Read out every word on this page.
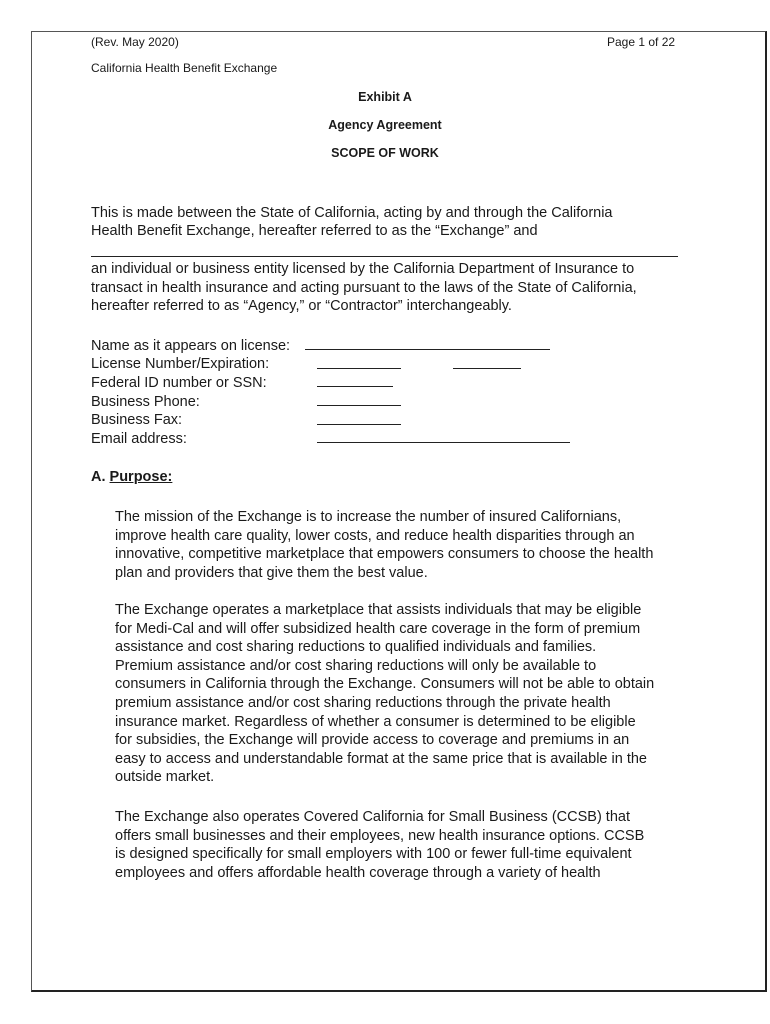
(Rev. May 2020)	Page 1 of 22
California Health Benefit Exchange
Exhibit A
Agency Agreement
SCOPE OF WORK
This is made between the State of California, acting by and through the California
Health Benefit Exchange, hereafter referred to as the “Exchange” and
an individual or business entity licensed by the California Department of Insurance to
transact in health insurance and acting pursuant to the laws of the State of California,
hereafter referred to as “Agency,” or “Contractor” interchangeably.
Name as it appears on license:
License Number/Expiration:
Federal ID number or SSN:
Business Phone:
Business Fax:
Email address:
A. Purpose:
The mission of the Exchange is to increase the number of insured Californians,
improve health care quality, lower costs, and reduce health disparities through an
innovative, competitive marketplace that empowers consumers to choose the health
plan and providers that give them the best value.
The Exchange operates a marketplace that assists individuals that may be eligible
for Medi-Cal and will offer subsidized health care coverage in the form of premium
assistance and cost sharing reductions to qualified individuals and families.
Premium assistance and/or cost sharing reductions will only be available to
consumers in California through the Exchange. Consumers will not be able to obtain
premium assistance and/or cost sharing reductions through the private health
insurance market. Regardless of whether a consumer is determined to be eligible
for subsidies, the Exchange will provide access to coverage and premiums in an
easy to access and understandable format at the same price that is available in the
outside market.
The Exchange also operates Covered California for Small Business (CCSB) that
offers small businesses and their employees, new health insurance options. CCSB
is designed specifically for small employers with 100 or fewer full-time equivalent
employees and offers affordable health coverage through a variety of health
